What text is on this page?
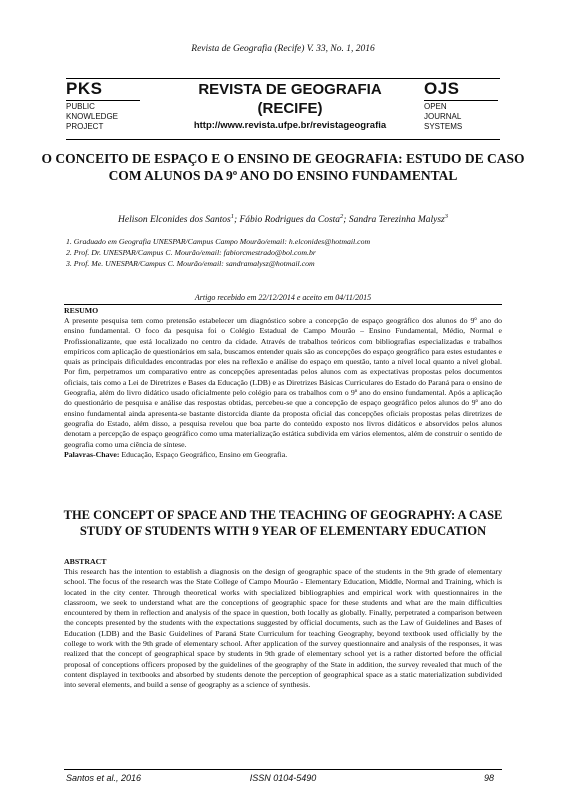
Revista de Geografia (Recife) V. 33, No. 1, 2016
PKS
PUBLIC
KNOWLEDGE
PROJECT
REVISTA DE GEOGRAFIA
(RECIFE)
http://www.revista.ufpe.br/revistageografia
OJS
OPEN
JOURNAL
SYSTEMS
O CONCEITO DE ESPAÇO E O ENSINO DE GEOGRAFIA: ESTUDO DE CASO COM ALUNOS DA 9º ANO DO ENSINO FUNDAMENTAL
Helison Elconides dos Santos$^1$; Fábio Rodrigues da Costa$^2$; Sandra Terezinha Malysz$^3$
1. Graduado em Geografia UNESPAR/Campus Campo Mourão/email: h.elconides@hotmail.com
2. Prof. Dr. UNESPAR/Campus C. Mourão/email: fabiorcmestrado@bol.com.br
3. Prof. Me. UNESPAR/Campus C. Mourão/email: sandramalysz@hotmail.com
Artigo recebido em 22/12/2014 e aceito em 04/11/2015
RESUMO

A presente pesquisa tem como pretensão estabelecer um diagnóstico sobre a concepção de espaço geográfico dos alunos do 9º ano do ensino fundamental. O foco da pesquisa foi o Colégio Estadual de Campo Mourão – Ensino Fundamental, Médio, Normal e Profissionalizante, que está localizado no centro da cidade. Através de trabalhos teóricos com bibliografias especializadas e trabalhos empíricos com aplicação de questionários em sala, buscamos entender quais são as concepções do espaço geográfico para estes estudantes e quais as principais dificuldades encontradas por eles na reflexão e análise do espaço em questão, tanto a nível local quanto a nível global. Por fim, perpetramos um comparativo entre as concepções apresentadas pelos alunos com as expectativas propostas pelos documentos oficiais, tais como a Lei de Diretrizes e Bases da Educação (LDB) e as Diretrizes Básicas Curriculares do Estado do Paraná para o ensino de Geografia, além do livro didático usado oficialmente pelo colégio para os trabalhos com o 9º ano do ensino fundamental. Após a aplicação do questionário de pesquisa e análise das respostas obtidas, percebeu-se que a concepção de espaço geográfico pelos alunos do 9º ano do ensino fundamental ainda apresenta-se bastante distorcida diante da proposta oficial das concepções oficiais propostas pelas diretrizes de geografia do Estado, além disso, a pesquisa revelou que boa parte do conteúdo exposto nos livros didáticos e absorvidos pelos alunos denotam a percepção de espaço geográfico como uma materialização estática subdivida em vários elementos, além de construir o sentido de geografia como uma ciência de síntese.

Palavras-Chave: Educação, Espaço Geográfico, Ensino em Geografia.
THE CONCEPT OF SPACE AND THE TEACHING OF GEOGRAPHY: A CASE STUDY OF STUDENTS WITH 9 YEAR OF ELEMENTARY EDUCATION
ABSTRACT

This research has the intention to establish a diagnosis on the design of geographic space of the students in the 9th grade of elementary school. The focus of the research was the State College of Campo Mourão - Elementary Education, Middle, Normal and Training, which is located in the city center. Through theoretical works with specialized bibliographies and empirical work with questionnaires in the classroom, we seek to understand what are the conceptions of geographic space for these students and what are the main difficulties encountered by them in reflection and analysis of the space in question, both locally as globally. Finally, perpetrated a comparison between the concepts presented by the students with the expectations suggested by official documents, such as the Law of Guidelines and Bases of Education (LDB) and the Basic Guidelines of Paraná State Curriculum for teaching Geography, beyond textbook used officially by the college to work with the 9th grade of elementary school. After application of the survey questionnaire and analysis of the responses, it was realized that the concept of geographical space by students in 9th grade of elementary school yet is a rather distorted before the official proposal of conceptions officers proposed by the guidelines of the geography of the State in addition, the survey revealed that much of the content displayed in textbooks and absorbed by students denote the perception of geographical space as a static materialization subdivided into several elements, and build a sense of geography as a science of synthesis.

Santos et al., 2016	ISSN 0104-5490	98
